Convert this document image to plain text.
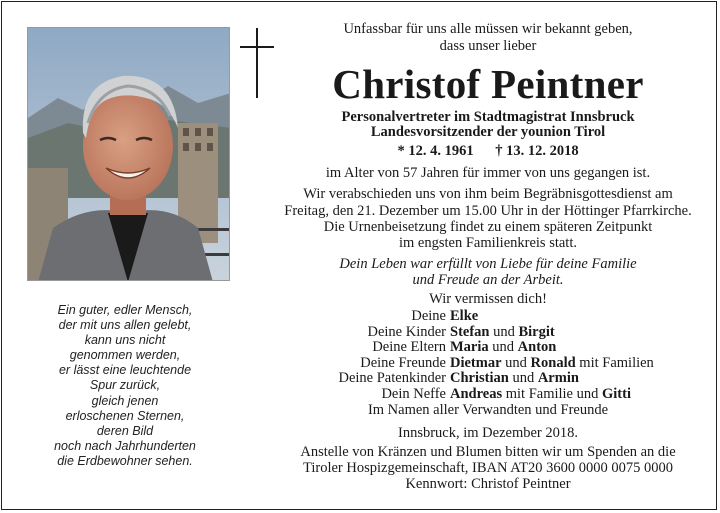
Unfassbar für uns alle müssen wir bekannt geben,
dass unser lieber
Christof Peintner
Personalvertreter im Stadtmagistrat Innsbruck
Landesvorsitzender der younion Tirol
* 12. 4. 1961 † 13. 12. 2018
im Alter von 57 Jahren für immer von uns gegangen ist.
Wir verabschieden uns von ihm beim Begräbnisgottesdienst am
Freitag, den 21. Dezember um 15.00 Uhr in der Höttinger Pfarrkirche.
Die Urnenbeisetzung findet zu einem späteren Zeitpunkt
im engsten Familienkreis statt.
Dein Leben war erfüllt von Liebe für deine Familie
und Freude an der Arbeit.
Wir vermissen dich!
Deine Elke
Deine Kinder Stefan und Birgit
Deine Eltern Maria und Anton
Deine Freunde Dietmar und Ronald mit Familien
Deine Patenkinder Christian und Armin
Dein Neffe Andreas mit Familie und Gitti
Im Namen aller Verwandten und Freunde
Innsbruck, im Dezember 2018.
Anstelle von Kränzen und Blumen bitten wir um Spenden an die
Tiroler Hospizgemeinschaft, IBAN AT20 3600 0000 0075 0000
Kennwort: Christof Peintner
Ein guter, edler Mensch,
der mit uns allen gelebt,
kann uns nicht
genommen werden,
er lässt eine leuchtende
Spur zurück,
gleich jenen
erloschenen Sternen,
deren Bild
noch nach Jahrhunderten
die Erdbewohner sehen.
